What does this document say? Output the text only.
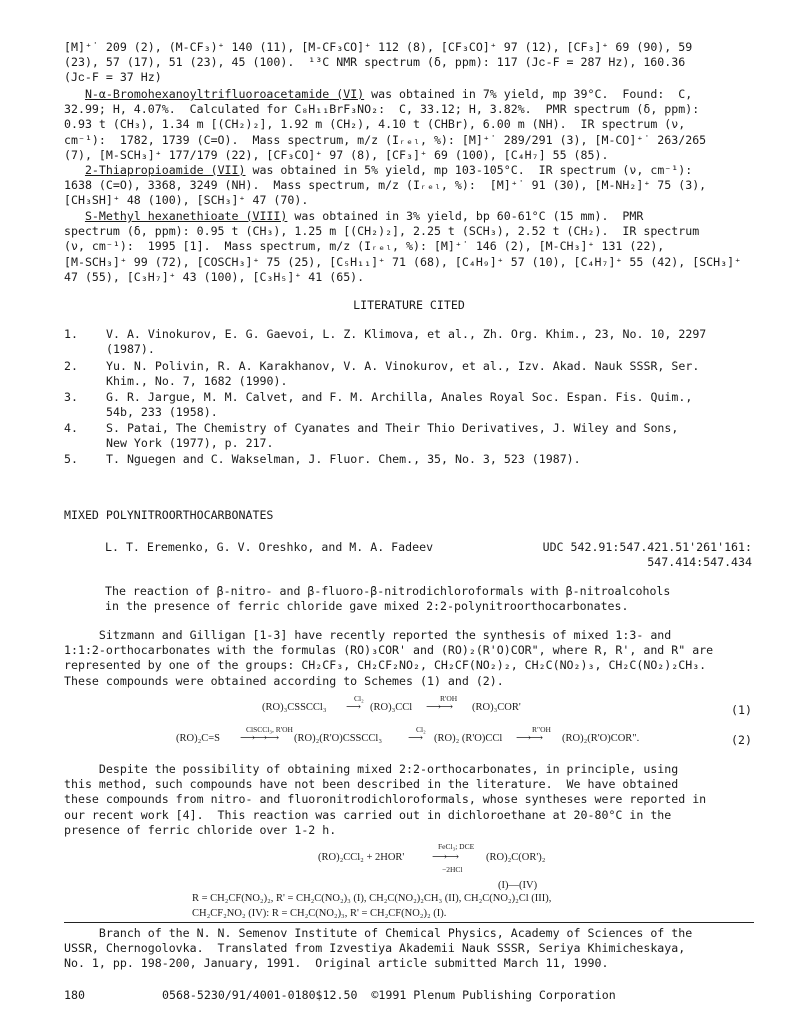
[M]⁺˙ 209 (2), (M-CF₃)⁺ 140 (11), [M-CF₃CO]⁺ 112 (8), [CF₃CO]⁺ 97 (12), [CF₃]⁺ 69 (90), 59
(23), 57 (17), 51 (23), 45 (100).  ¹³C NMR spectrum (δ, ppm): 117 (Jᴄ-F = 287 Hz), 160.36
(Jᴄ-F = 37 Hz)
N-α-Bromohexanoyltrifluoroacetamide (VI) was obtained in 7% yield, mp 39°C.  Found:  C,
32.99; H, 4.07%.  Calculated for C₈H₁₁BrF₃NO₂:  C, 33.12; H, 3.82%.  PMR spectrum (δ, ppm):
0.93 t (CH₃), 1.34 m [(CH₂)₂], 1.92 m (CH₂), 4.10 t (CHBr), 6.00 m (NH).  IR spectrum (ν,
cm⁻¹):  1782, 1739 (C=O).  Mass spectrum, m/z (Iᵣₑₗ, %): [M]⁺˙ 289/291 (3), [M-CO]⁺˙ 263/265
(7), [M-SCH₃]⁺ 177/179 (22), [CF₃CO]⁺ 97 (8), [CF₃]⁺ 69 (100), [C₄H₇] 55 (85).
2-Thiapropioamide (VII) was obtained in 5% yield, mp 103-105°C.  IR spectrum (ν, cm⁻¹):
1638 (C=O), 3368, 3249 (NH).  Mass spectrum, m/z (Iᵣₑₗ, %):  [M]⁺˙ 91 (30), [M-NH₂]⁺ 75 (3),
[CH₃SH]⁺ 48 (100), [SCH₃]⁺ 47 (70).
S-Methyl hexanethioate (VIII) was obtained in 3% yield, bp 60-61°C (15 mm).  PMR
spectrum (δ, ppm): 0.95 t (CH₃), 1.25 m [(CH₂)₂], 2.25 t (SCH₃), 2.52 t (CH₂).  IR spectrum
(ν, cm⁻¹):  1995 [1].  Mass spectrum, m/z (Iᵣₑₗ, %): [M]⁺˙ 146 (2), [M-CH₃]⁺ 131 (22),
[M-SCH₃]⁺ 99 (72), [COSCH₃]⁺ 75 (25), [C₅H₁₁]⁺ 71 (68), [C₄H₉]⁺ 57 (10), [C₄H₇]⁺ 55 (42), [SCH₃]⁺
47 (55), [C₃H₇]⁺ 43 (100), [C₃H₅]⁺ 41 (65).
LITERATURE CITED
1. V. A. Vinokurov, E. G. Gaevoi, L. Z. Klimova, et al., Zh. Org. Khim., 23, No. 10, 2297
(1987).
2. Yu. N. Polivin, R. A. Karakhanov, V. A. Vinokurov, et al., Izv. Akad. Nauk SSSR, Ser.
Khim., No. 7, 1682 (1990).
3. G. R. Jargue, M. M. Calvet, and F. M. Archilla, Anales Royal Soc. Espan. Fis. Quim.,
54b, 233 (1958).
4. S. Patai, The Chemistry of Cyanates and Their Thio Derivatives, J. Wiley and Sons,
New York (1977), p. 217.
5. T. Nguegen and C. Wakselman, J. Fluor. Chem., 35, No. 3, 523 (1987).
MIXED POLYNITROORTHOCARBONATES
L. T. Eremenko, G. V. Oreshko, and M. A. Fadeev	UDC 542.91:547.421.51'261'161:
547.414:547.434
The reaction of β-nitro- and β-fluoro-β-nitrodichloroformals with β-nitroalcohols
in the presence of ferric chloride gave mixed 2:2-polynitroorthocarbonates.
Sitzmann and Gilligan [1-3] have recently reported the synthesis of mixed 1:3- and
1:1:2-orthocarbonates with the formulas (RO)₃COR' and (RO)₂(R'O)COR", where R, R', and R" are
represented by one of the groups: CH₂CF₃, CH₂CF₂NO₂, CH₂CF(NO₂)₂, CH₂C(NO₂)₃, CH₂C(NO₂)₂CH₃.
These compounds were obtained according to Schemes (1) and (2).
(RO)₃CSSCCl₃
Cl₂
⟶ (RO)₃CCl
R'OH
⟶⟶ (RO)₃COR'	(1)
(RO)₂C=S
ClSCCl₃, R'OH
⟶⟶⟶ (RO)₂(R'O)CSSCCl₃
Cl₂
⟶ (RO)₂ (R'O)CCl
R"OH
⟶⟶ (RO)₂(R'O)COR".	(2)
Despite the possibility of obtaining mixed 2:2-orthocarbonates, in principle, using
this method, such compounds have not been described in the literature.  We have obtained
these compounds from nitro- and fluoronitrodichloroformals, whose syntheses were reported in
our recent work [4].  This reaction was carried out in dichloroethane at 20-80°C in the
presence of ferric chloride over 1-2 h.
(RO)₂CCl₂ + 2HOR'
FeCl₃; DCE
⟶⟶
−2HCl
(RO)₂C(OR')₂
(I)—(IV)
R = CH₂CF(NO₂)₂, R' = CH₂C(NO₂)₃ (I), CH₂C(NO₂)₂CH₃ (II), CH₂C(NO₂)₂Cl (III),
CH₂CF₂NO₂ (IV): R = CH₂C(NO₂)₃, R' = CH₂CF(NO₂)₂ (I).
Branch of the N. N. Semenov Institute of Chemical Physics, Academy of Sciences of the
USSR, Chernogolovka.  Translated from Izvestiya Akademii Nauk SSSR, Seriya Khimicheskaya,
No. 1, pp. 198-200, January, 1991.  Original article submitted March 11, 1990.
180	0568-5230/91/4001-0180$12.50  ©1991 Plenum Publishing Corporation
